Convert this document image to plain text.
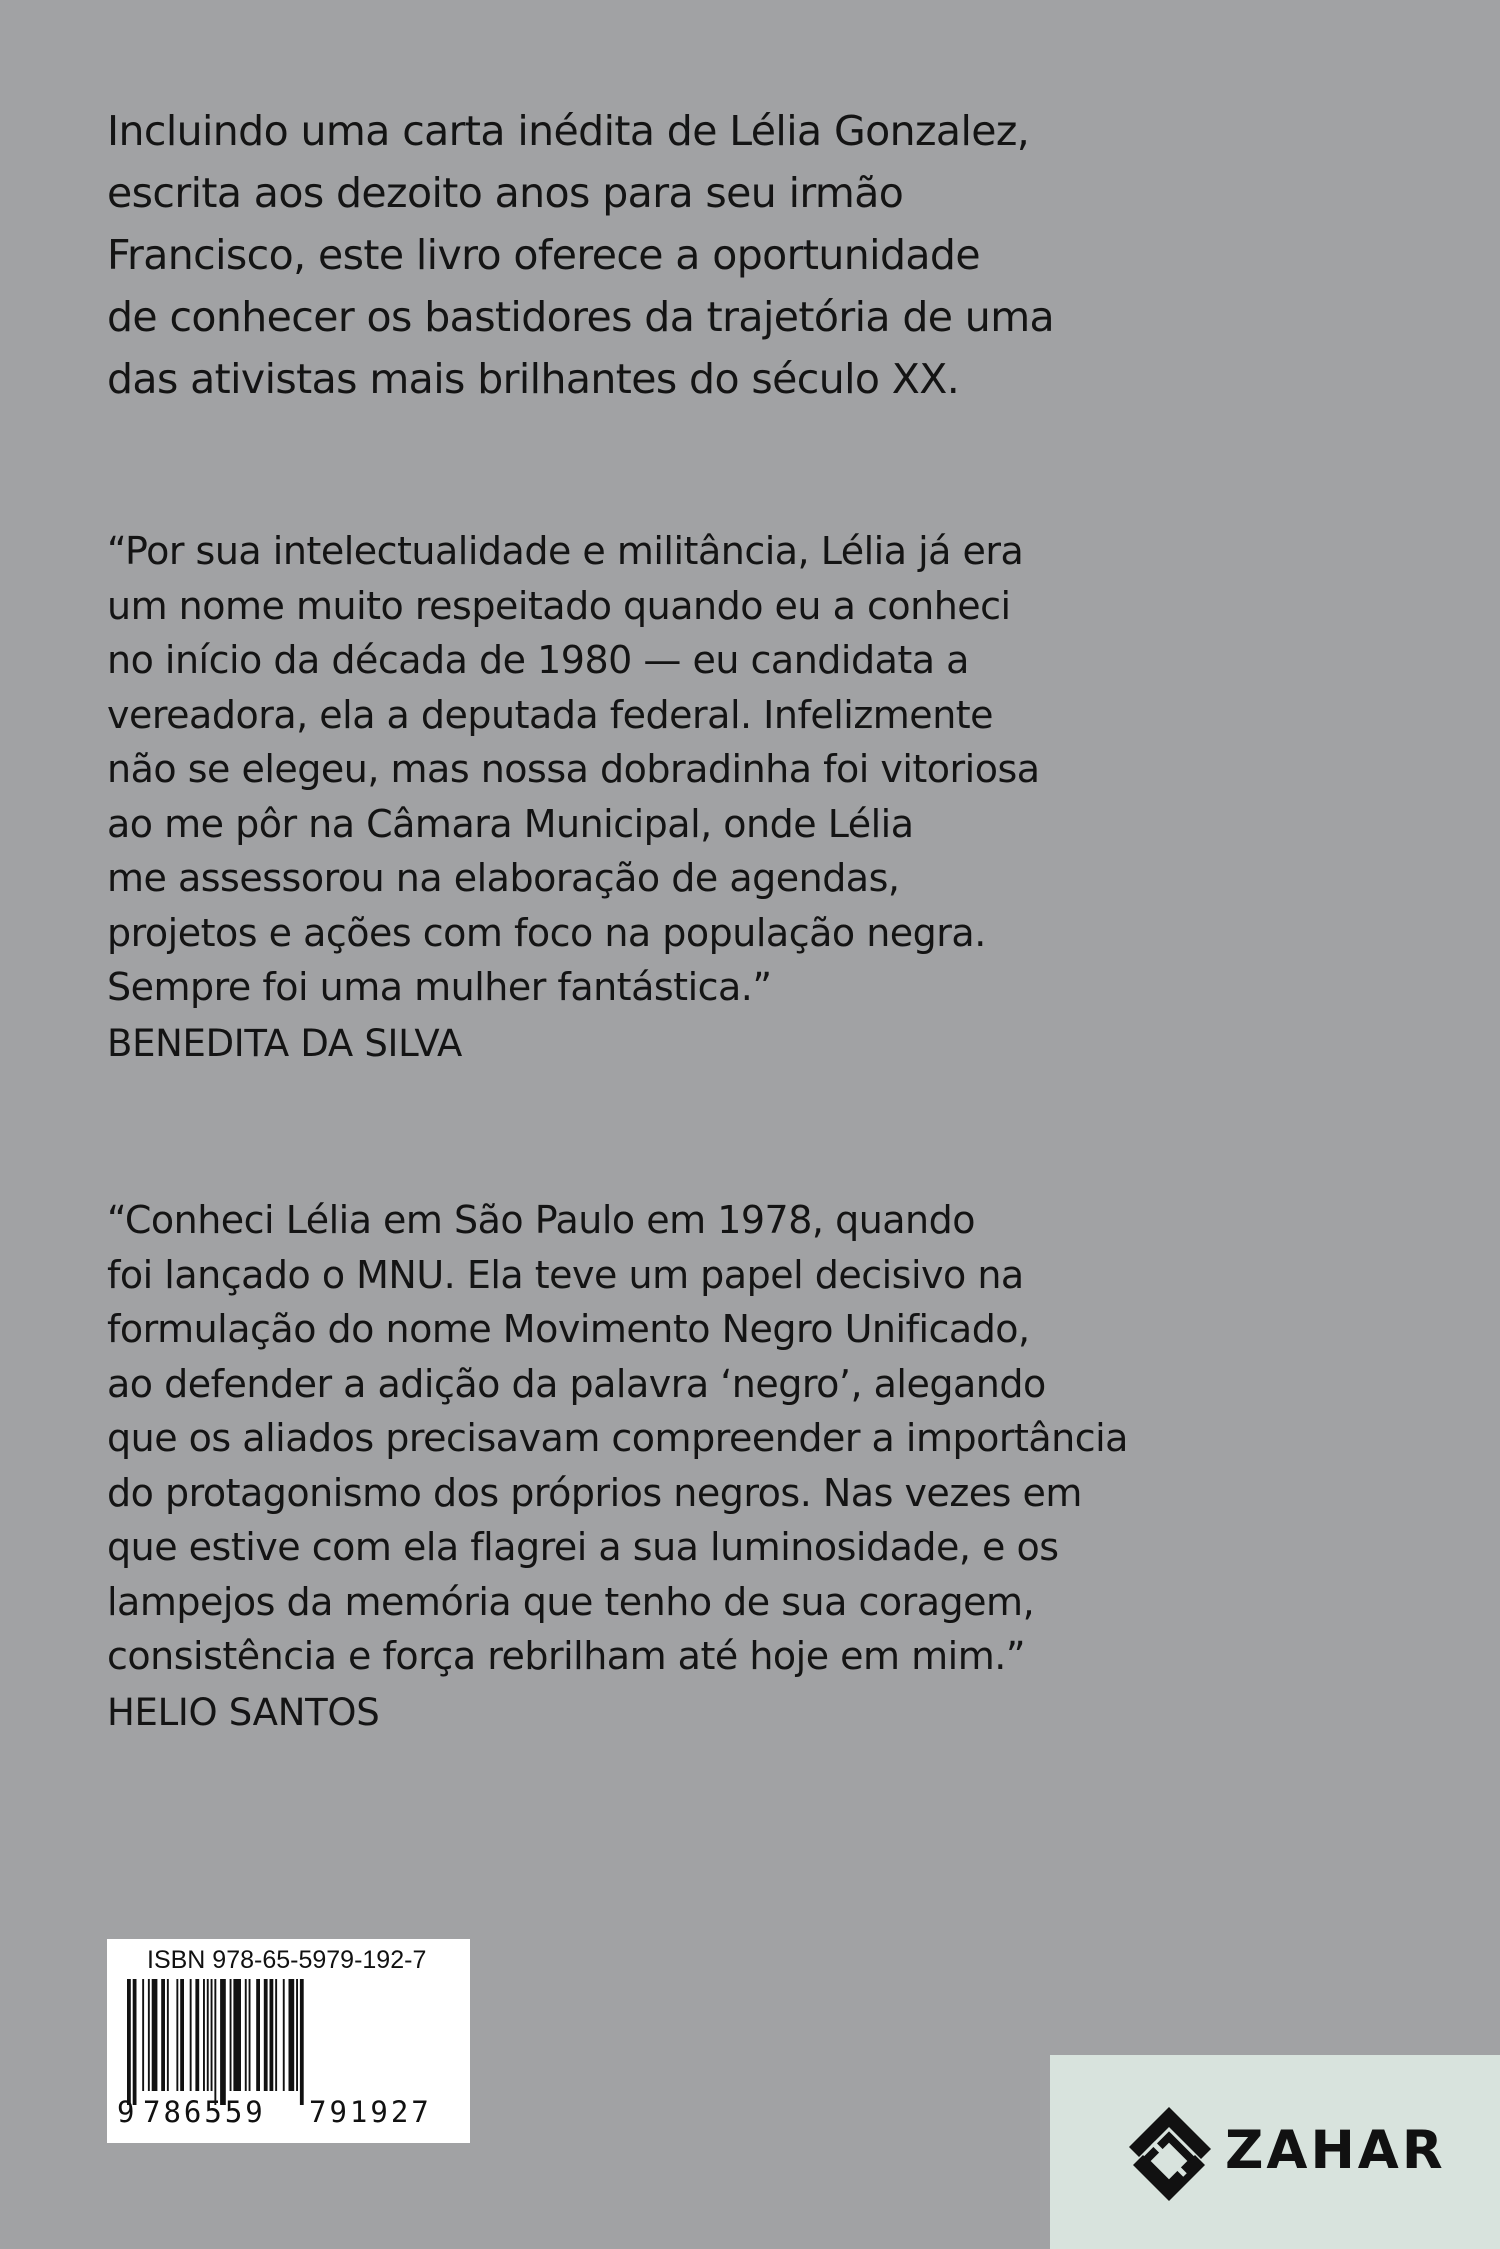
Incluindo uma carta inédita de Lélia Gonzalez,
escrita aos dezoito anos para seu irmão
Francisco, este livro oferece a oportunidade
de conhecer os bastidores da trajetória de uma
das ativistas mais brilhantes do século XX.
“Por sua intelectualidade e militância, Lélia já era
um nome muito respeitado quando eu a conheci
no início da década de 1980 — eu candidata a
vereadora, ela a deputada federal. Infelizmente
não se elegeu, mas nossa dobradinha foi vitoriosa
ao me pôr na Câmara Municipal, onde Lélia
me assessorou na elaboração de agendas,
projetos e ações com foco na população negra.
Sempre foi uma mulher fantástica.”
BENEDITA DA SILVA
“Conheci Lélia em São Paulo em 1978, quando
foi lançado o MNU. Ela teve um papel decisivo na
formulação do nome Movimento Negro Unificado,
ao defender a adição da palavra ‘negro’, alegando
que os aliados precisavam compreender a importância
do protagonismo dos próprios negros. Nas vezes em
que estive com ela flagrei a sua luminosidade, e os
lampejos da memória que tenho de sua coragem,
consistência e força rebrilham até hoje em mim.”
HELIO SANTOS
ISBN 978-65-5979-192-7
9 786559 791927
ZAHAR
